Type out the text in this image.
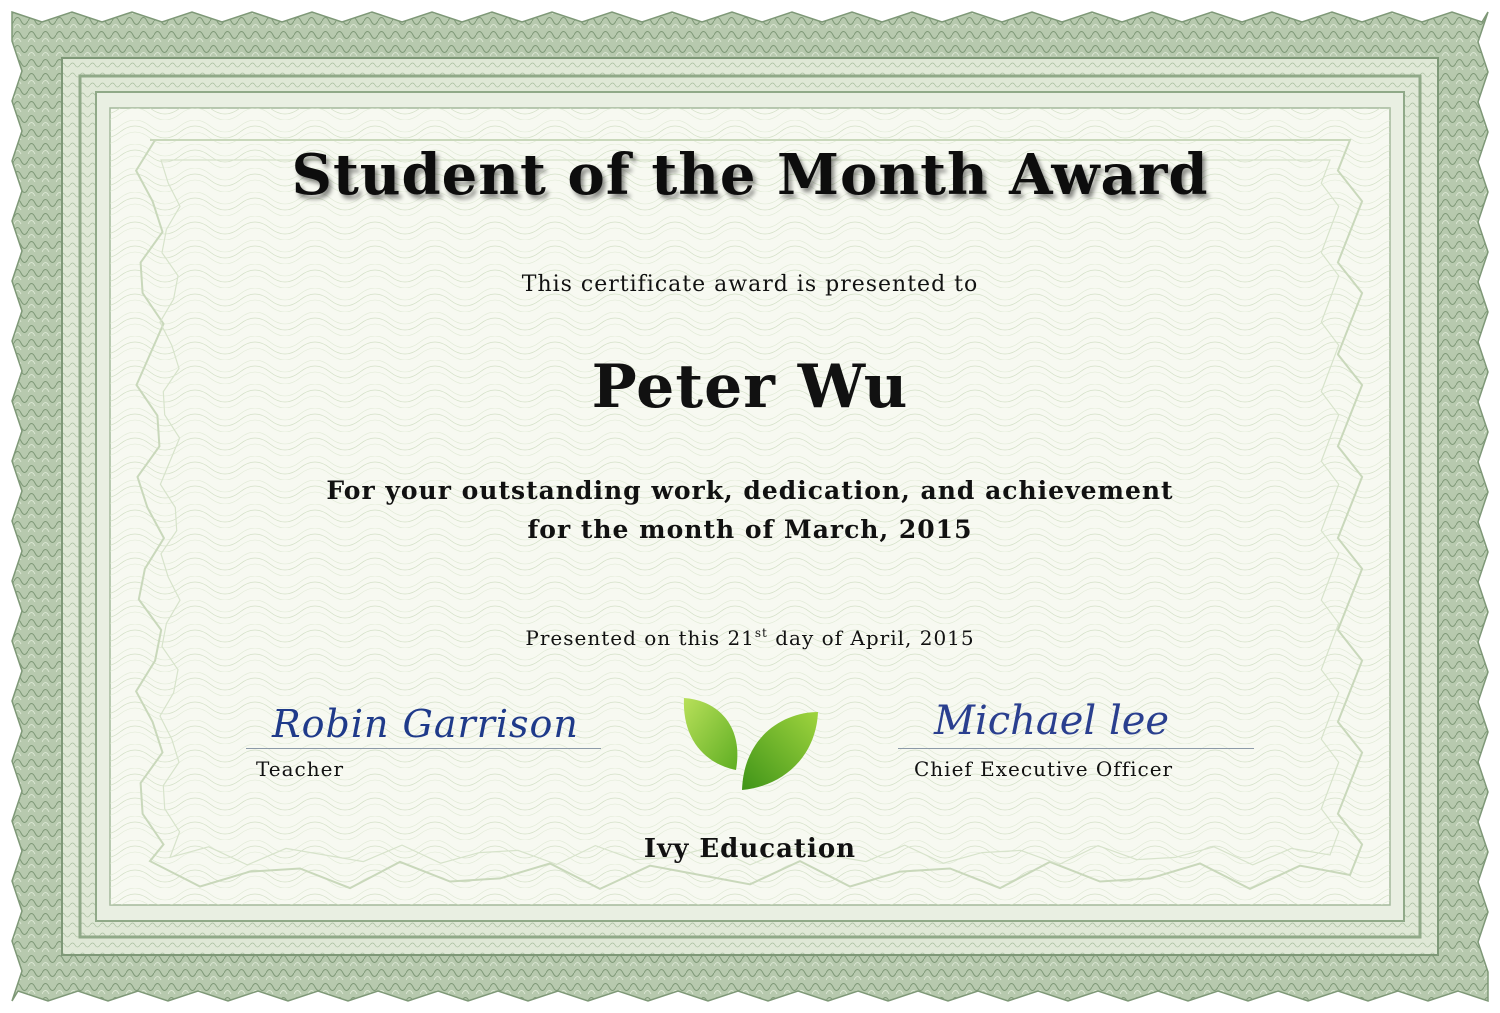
Student of the Month Award
This certificate award is presented to
Peter Wu
For your outstanding work, dedication, and achievement
for the month of March, 2015
Presented on this 21st day of April, 2015
Robin Garrison
Teacher
Michael lee
Chief Executive Officer
Ivy Education
